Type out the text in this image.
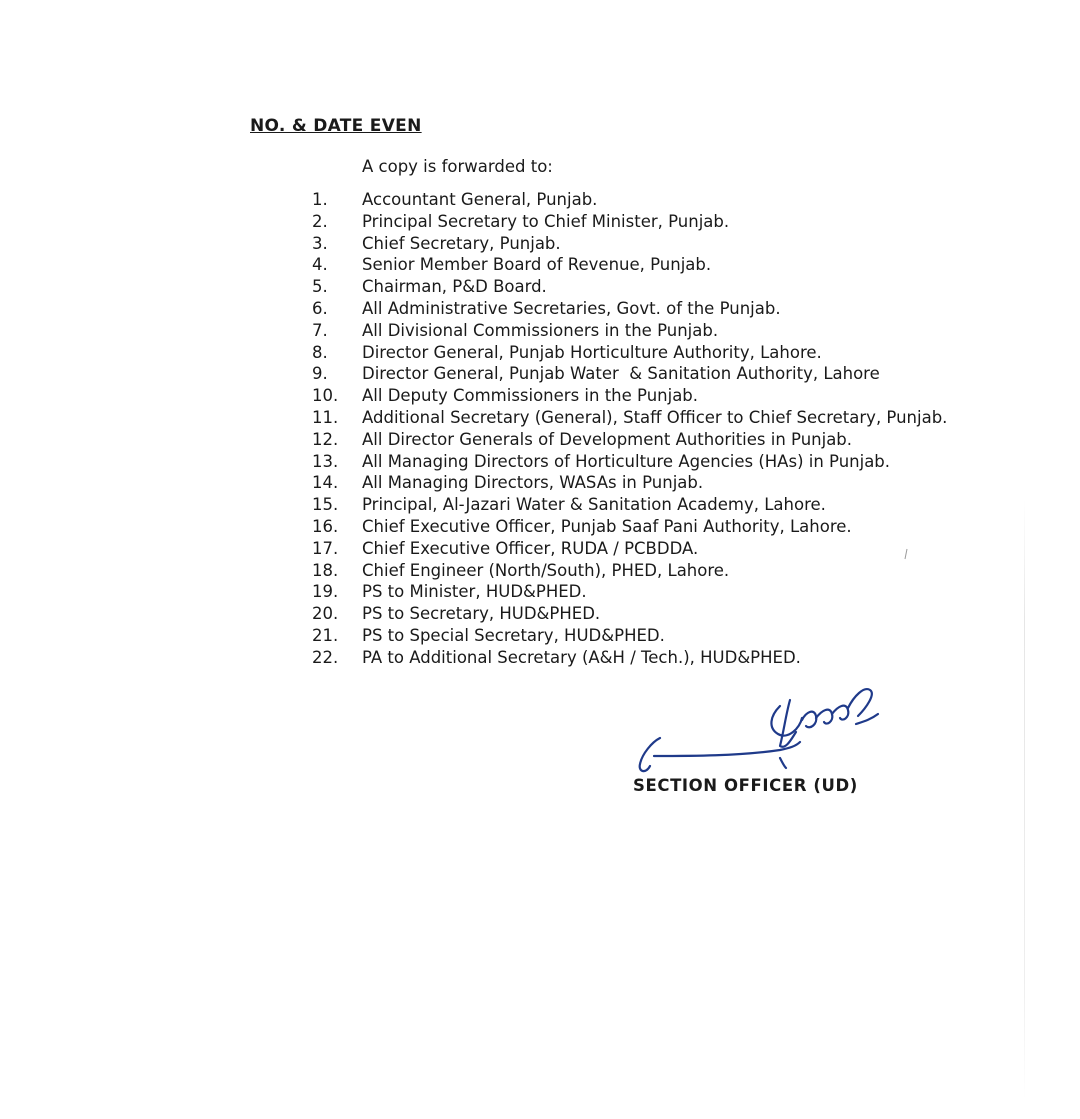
NO. & DATE EVEN

A copy is forwarded to:

1.	Accountant General, Punjab.
2.	Principal Secretary to Chief Minister, Punjab.
3.	Chief Secretary, Punjab.
4.	Senior Member Board of Revenue, Punjab.
5.	Chairman, P&D Board.
6.	All Administrative Secretaries, Govt. of the Punjab.
7.	All Divisional Commissioners in the Punjab.
8.	Director General, Punjab Horticulture Authority, Lahore.
9.	Director General, Punjab Water  & Sanitation Authority, Lahore
10.	All Deputy Commissioners in the Punjab.
11.	Additional Secretary (General), Staff Officer to Chief Secretary, Punjab.
12.	All Director Generals of Development Authorities in Punjab.
13.	All Managing Directors of Horticulture Agencies (HAs) in Punjab.
14.	All Managing Directors, WASAs in Punjab.
15.	Principal, Al-Jazari Water & Sanitation Academy, Lahore.
16.	Chief Executive Officer, Punjab Saaf Pani Authority, Lahore.
17.	Chief Executive Officer, RUDA / PCBDDA.
18.	Chief Engineer (North/South), PHED, Lahore.
19.	PS to Minister, HUD&PHED.
20.	PS to Secretary, HUD&PHED.
21.	PS to Special Secretary, HUD&PHED.
22.	PA to Additional Secretary (A&H / Tech.), HUD&PHED.

SECTION OFFICER (UD)
